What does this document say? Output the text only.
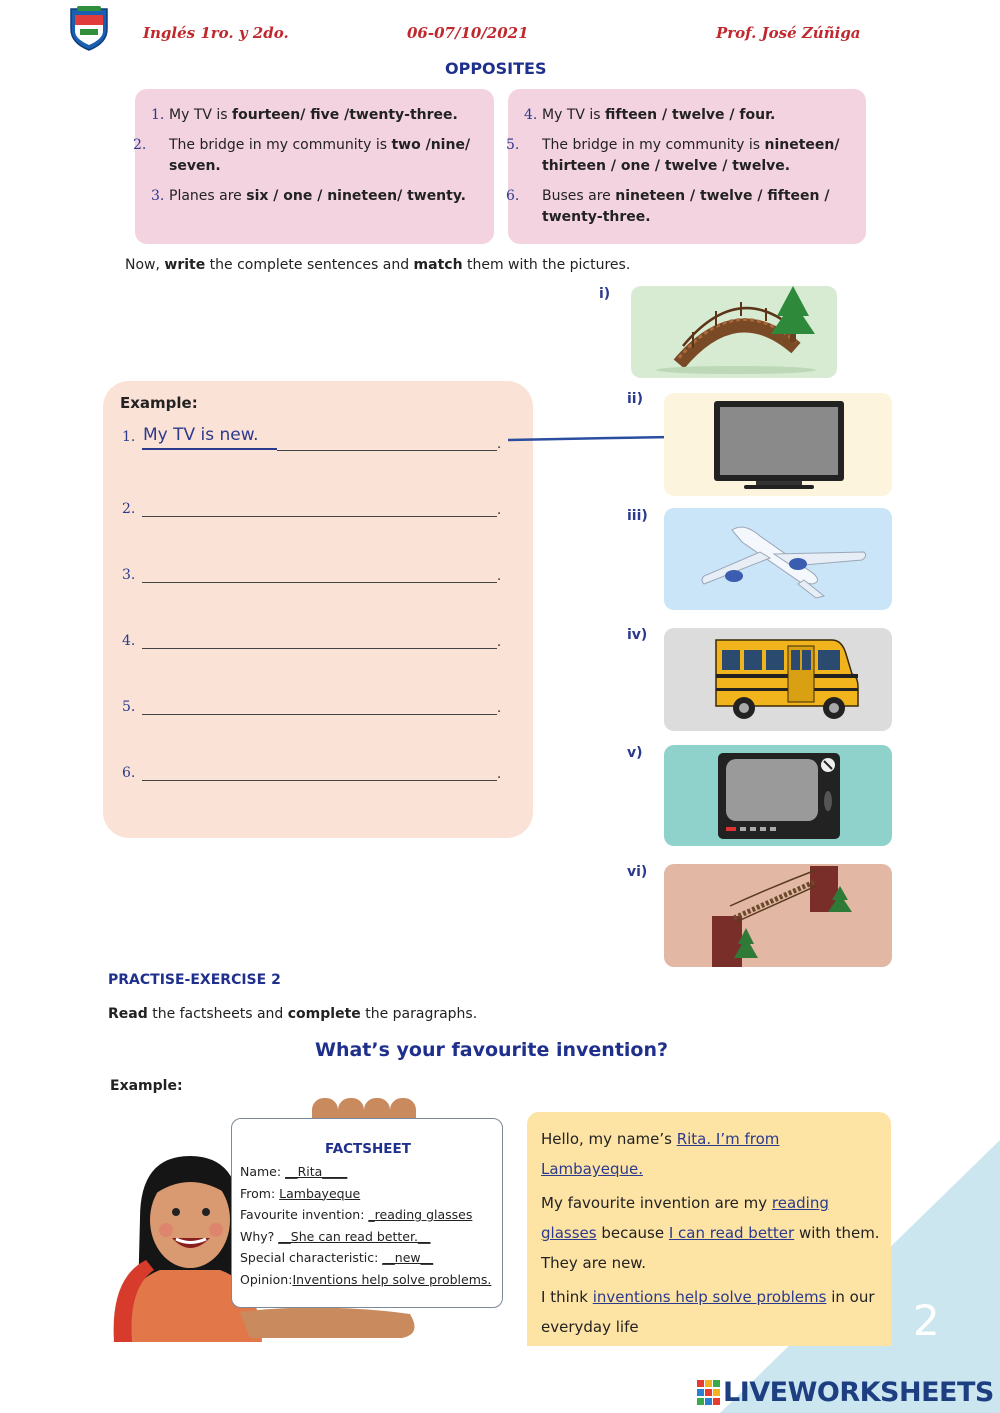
Inglés 1ro. y 2do.	06-07/10/2021	Prof. José Zúñiga
OPPOSITES
1. My TV is fourteen/ five /twenty-three.
2. The bridge in my community is two /nine/ seven.
3. Planes are six / one / nineteen/ twenty.
4. My TV is fifteen / twelve / four.
5. The bridge in my community is nineteen/ thirteen / one / twelve / twelve.
6. Buses are nineteen / twelve / fifteen / twenty-three.
Now, write the complete sentences and match them with the pictures.
Example:
1. My TV is new.	.
2.	.
3.	.
4.	.
5.	.
6.	.
i)
ii)
iii)
iv)
v)
vi)
PRACTISE-EXERCISE 2
Read the factsheets and complete the paragraphs.
What’s your favourite invention?
Example:
FACTSHEET
Name: __Rita____
From: Lambayeque
Favourite invention: _reading glasses
Why? __She can read better.__
Special characteristic: __new__
Opinion:Inventions help solve problems.
Hello, my name’s Rita. I’m from Lambayeque.
My favourite invention are my reading glasses because I can read better with them. They are new.
I think inventions help solve problems in our everyday life	2
LIVEWORKSHEETS
